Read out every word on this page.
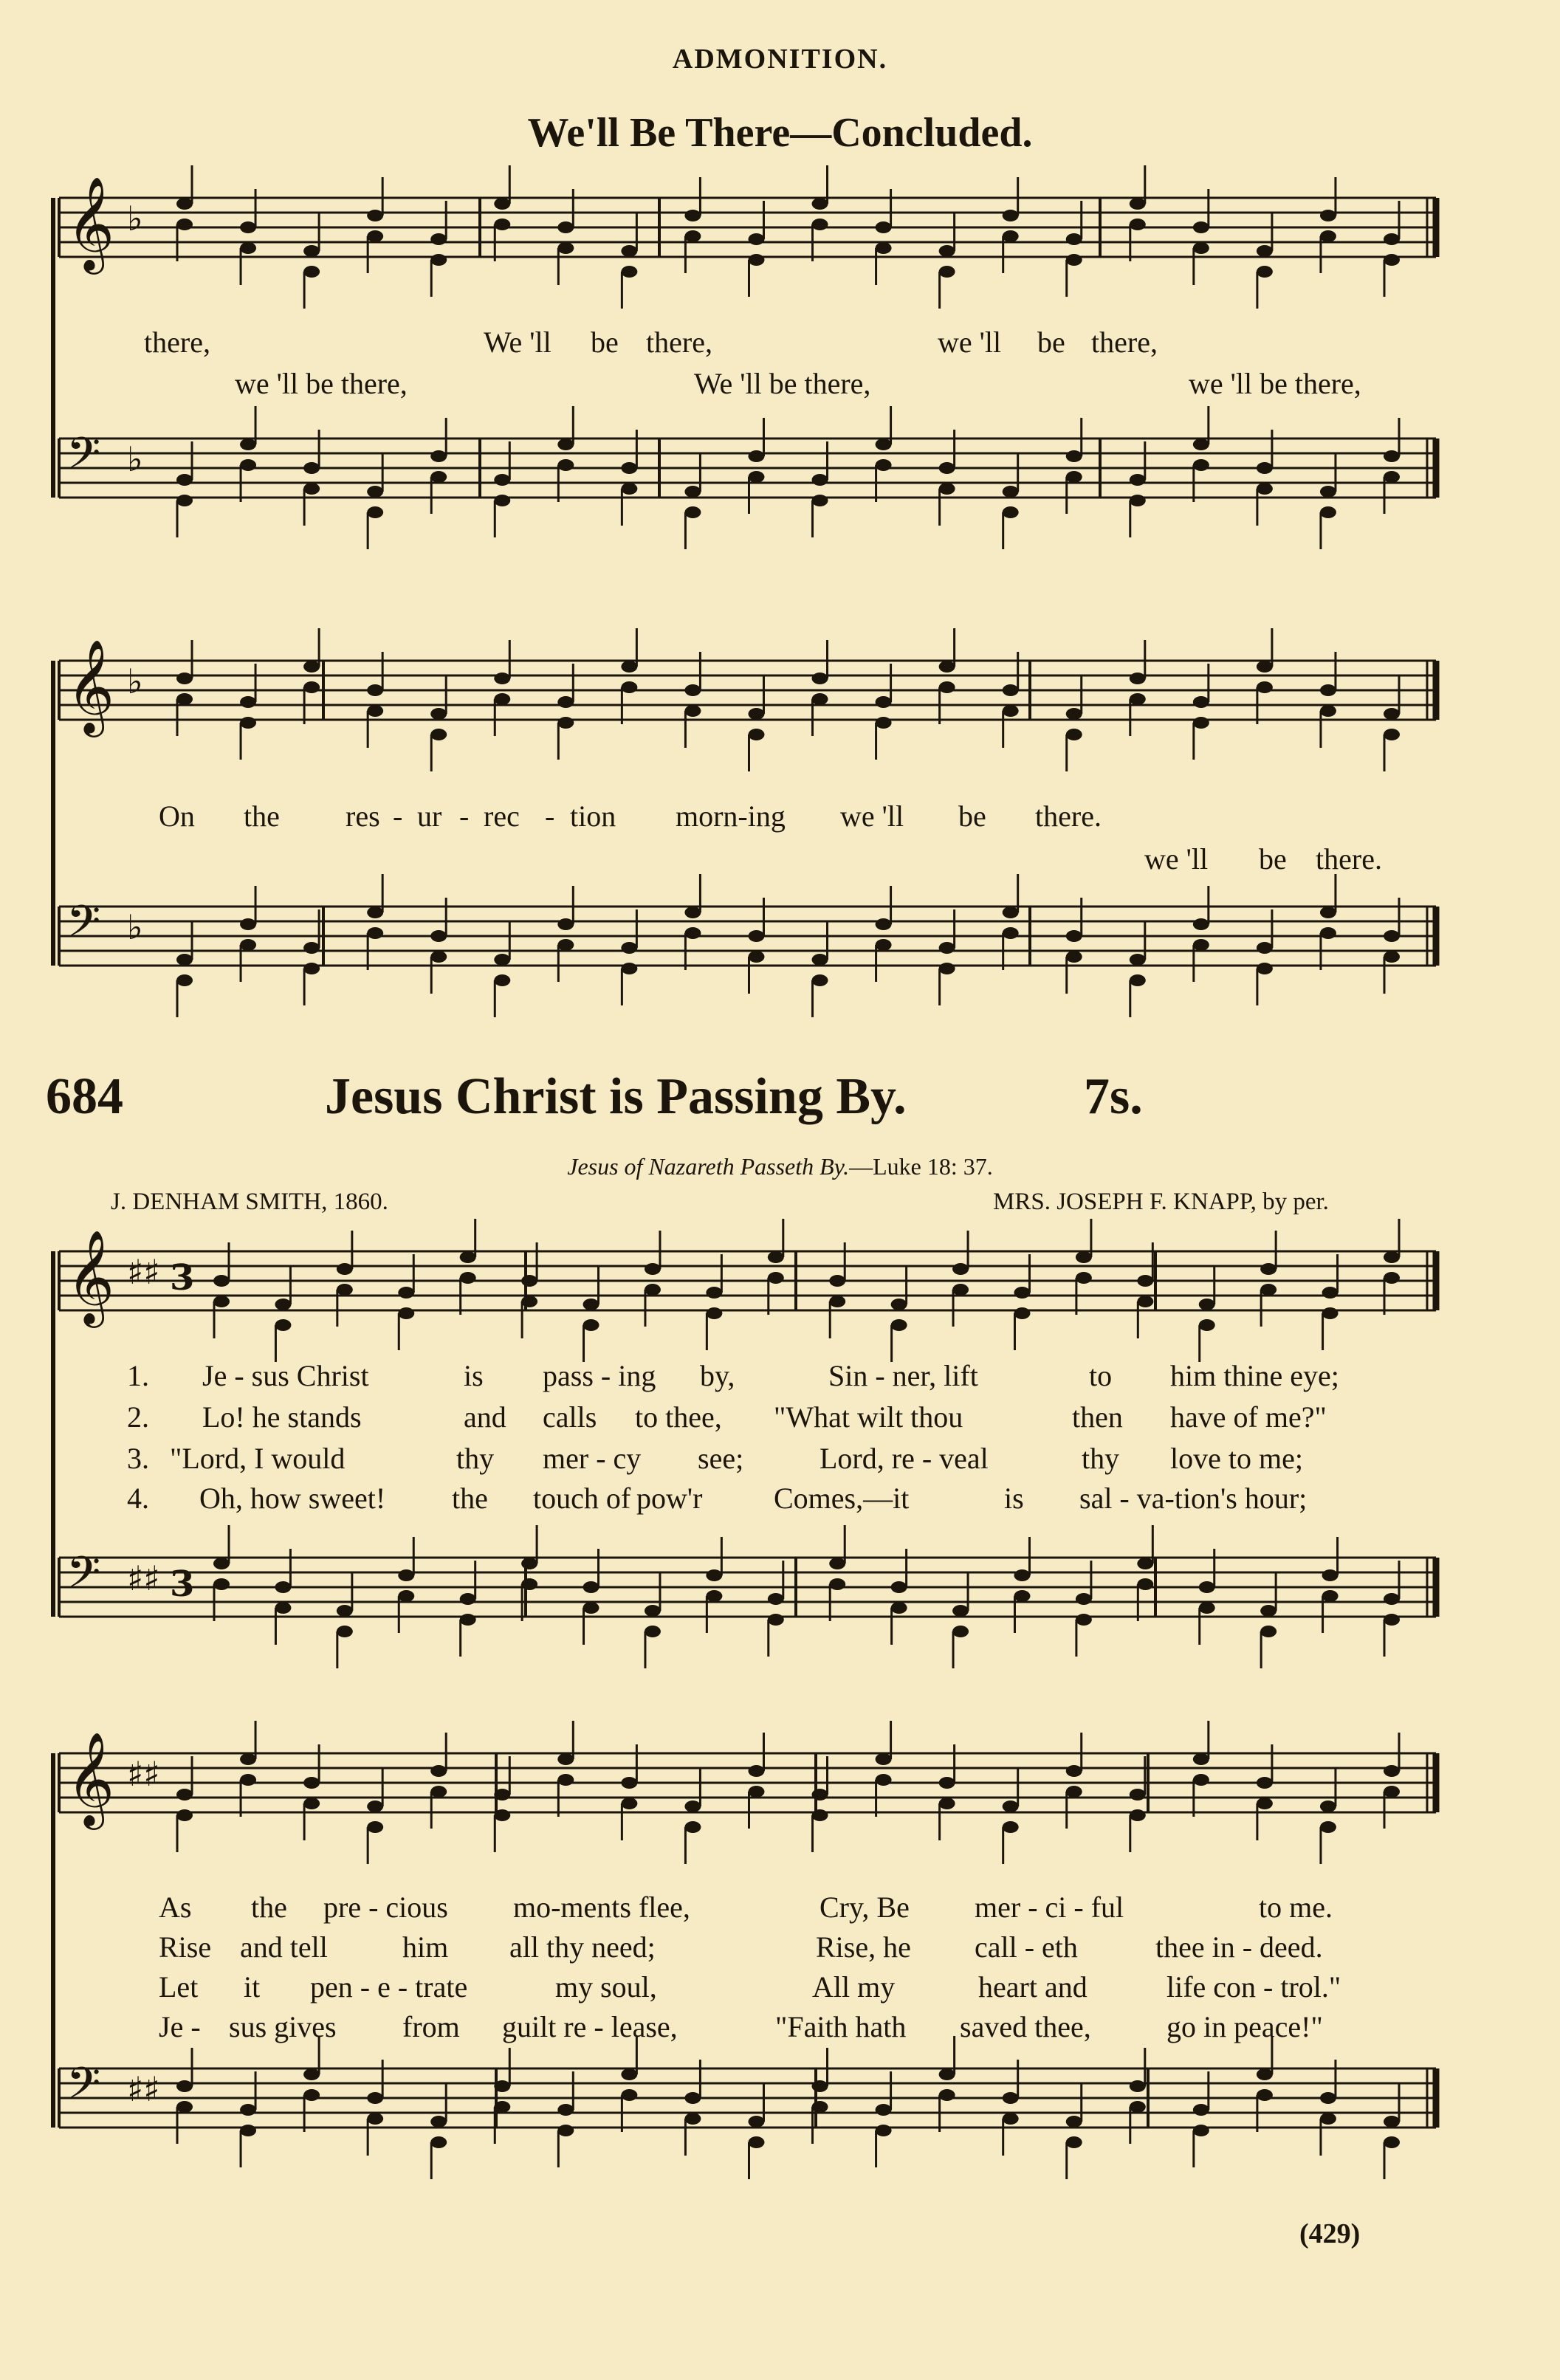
ADMONITION.
We'll Be There—Concluded.
𝄞 ♭
𝄢 ♭
𝄞 ♭
𝄢 ♭
𝄞 ♯♯
𝄢 ♯♯
𝄞 ♯♯
𝄢 ♯♯
3
3
there,	We 'll be there,	we 'll be there,
we 'll be there,	We 'll be there,	we 'll be there,
On the res - ur - rec - tion morn-ing we 'll be there.
we 'll be there.
684	Jesus Christ is Passing By.	7s.
Jesus of Nazareth Passeth By.—Luke 18: 37.
J. DENHAM SMITH, 1860.	MRS. JOSEPH F. KNAPP, by per.
1. Je - sus Christ	is pass - ing by,	Sin - ner, lift	to him thine eye;
2. Lo! he stands	and calls to thee, "What wilt thou	then have of me?"
3. "Lord, I would	thy mer - cy see;	Lord, re - veal	thy love to me;
4. Oh, how sweet! the touch of pow'r Comes,—it	is sal - va-tion's hour;
As the pre - cious mo-ments flee,	Cry, Be mer - ci - ful	to me.
Rise and tell	him all thy need;	Rise, he call - eth	thee in - deed.
Let it pen - e - trate	my soul,	All my	heart and	life con - trol."
Je - sus gives from guilt re - lease,	"Faith hath saved thee,	go in peace!"
(429)
